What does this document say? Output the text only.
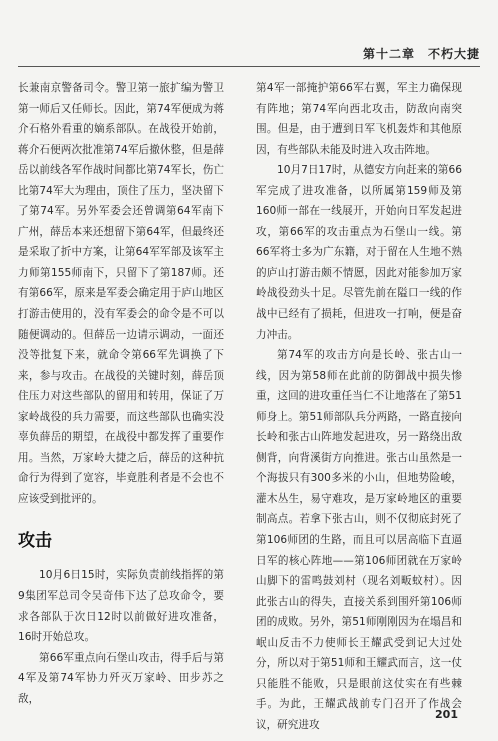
第十二章　不朽大捷

长兼南京警备司令。警卫第一旅扩编为警卫第一师后又任师长。因此，第74军便成为蒋介石格外看重的嫡系部队。在战役开始前，蒋介石便两次批准第74军后撤休整，但是薛岳以前线各军作战时间都比第74军长，伤亡比第74军大为理由，顶住了压力，坚决留下了第74军。另外军委会还曾调第64军南下广州，薛岳本来还想留下第64军，但最终还是采取了折中方案，让第64军军部及该军主力师第155师南下，只留下了第187师。还有第66军，原来是军委会确定用于庐山地区打游击使用的，没有军委会的命令是不可以随便调动的。但薛岳一边请示调动，一面还没等批复下来，就命令第66军先调换了下来，参与攻击。在战役的关键时刻，薛岳顶住压力对这些部队的留用和转用，保证了万家岭战役的兵力需要，而这些部队也确实没辜负薛岳的期望，在战役中都发挥了重要作用。当然，万家岭大捷之后，薛岳的这种抗命行为得到了宽容，毕竟胜利者是不会也不应该受到批评的。

攻击

10月6日15时，实际负责前线指挥的第9集团军总司令吴奇伟下达了总攻命令，要求各部队于次日12时以前做好进攻准备，16时开始总攻。

第66军重点向石堡山攻击，得手后与第4军及第74军协力歼灭万家岭、田步苏之敌，

第4军一部掩护第66军右翼，军主力确保现有阵地；第74军向西北攻击，防敌向南突围。但是，由于遭到日军飞机轰炸和其他原因，有些部队未能及时进入攻击阵地。

10月7日17时，从德安方向赶来的第66军完成了进攻准备，以所属第159师及第160师一部在一线展开，开始向日军发起进攻，第66军的攻击重点为石堡山一线。第66军将士多为广东籍，对于留在人生地不熟的庐山打游击颇不情愿，因此对能参加万家岭战役劲头十足。尽管先前在隘口一线的作战中已经有了损耗，但进攻一打响，便是奋力冲击。

第74军的攻击方向是长岭、张古山一线，因为第58师在此前的防御战中损失惨重，这回的进攻重任当仁不让地落在了第51师身上。第51师部队兵分两路，一路直接向长岭和张古山阵地发起进攻，另一路绕出敌侧背，向背溪街方向推进。张古山虽然是一个海拔只有300多米的小山，但地势险峻，灌木丛生，易守难攻，是万家岭地区的重要制高点。若拿下张古山，则不仅彻底封死了第106师团的生路，而且可以居高临下直逼日军的核心阵地——第106师团就在万家岭山脚下的雷鸣鼓刘村（现名刘畈蚊村）。因此张古山的得失，直接关系到围歼第106师团的成败。另外，第51师刚刚因为在塌昌和岷山反击不力使师长王耀武受到记大过处分，所以对于第51师和王耀武而言，这一仗只能胜不能败，只是眼前这仗实在有些棘手。为此，王耀武战前专门召开了作战会议，研究进攻

201
